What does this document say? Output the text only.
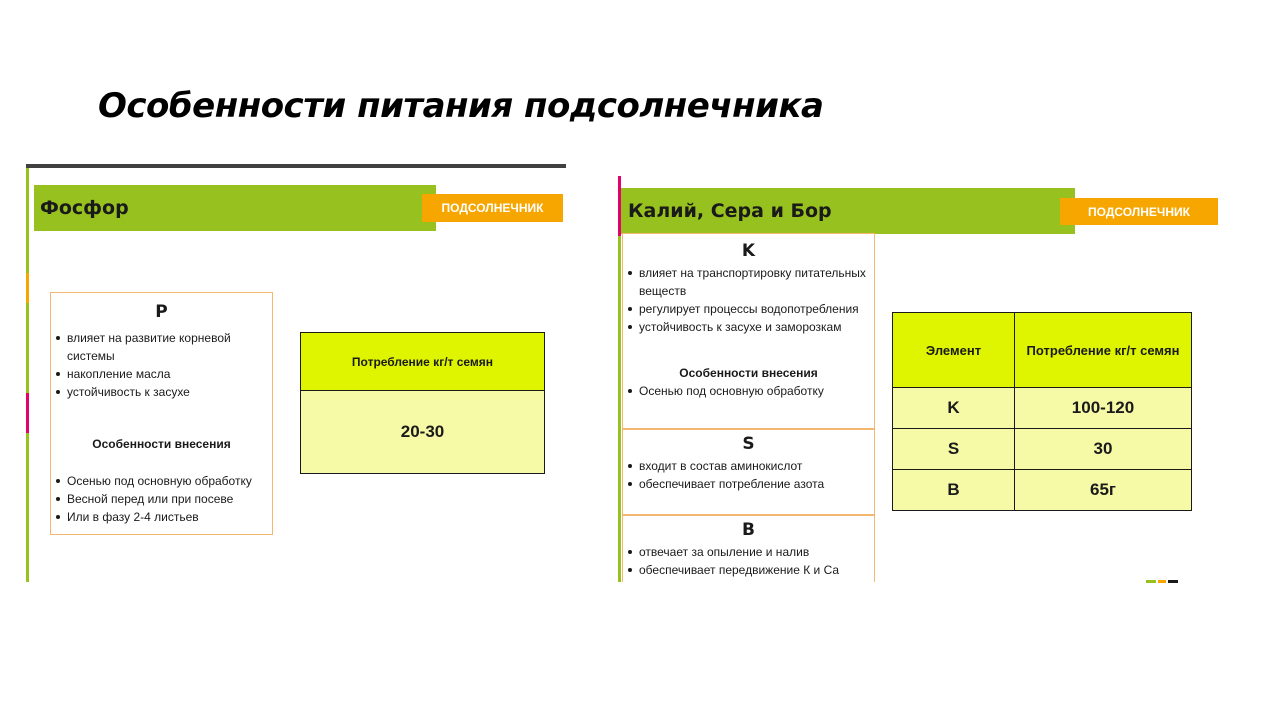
Особенности питания подсолнечника
Фосфор	ПОДСОЛНЕЧНИК
P
влияет на развитие корневой системы
накопление масла
устойчивость к засухе
Особенности внесения
Осенью под основную обработку
Весной перед или при посеве
Или в фазу 2-4 листьев
Потребление кг/т семян
20-30
Калий, Сера и Бор	ПОДСОЛНЕЧНИК
K
влияет на транспортировку питательных веществ
регулирует процессы водопотребления
устойчивость к засухе и заморозкам
Особенности внесения
Осенью под основную обработку
S
входит в состав аминокислот
обеспечивает потребление азота
B
отвечает за опыление и налив
обеспечивает передвижение К и Са
Элемент	Потребление кг/т семян
K	100-120
S	30
B	65г
